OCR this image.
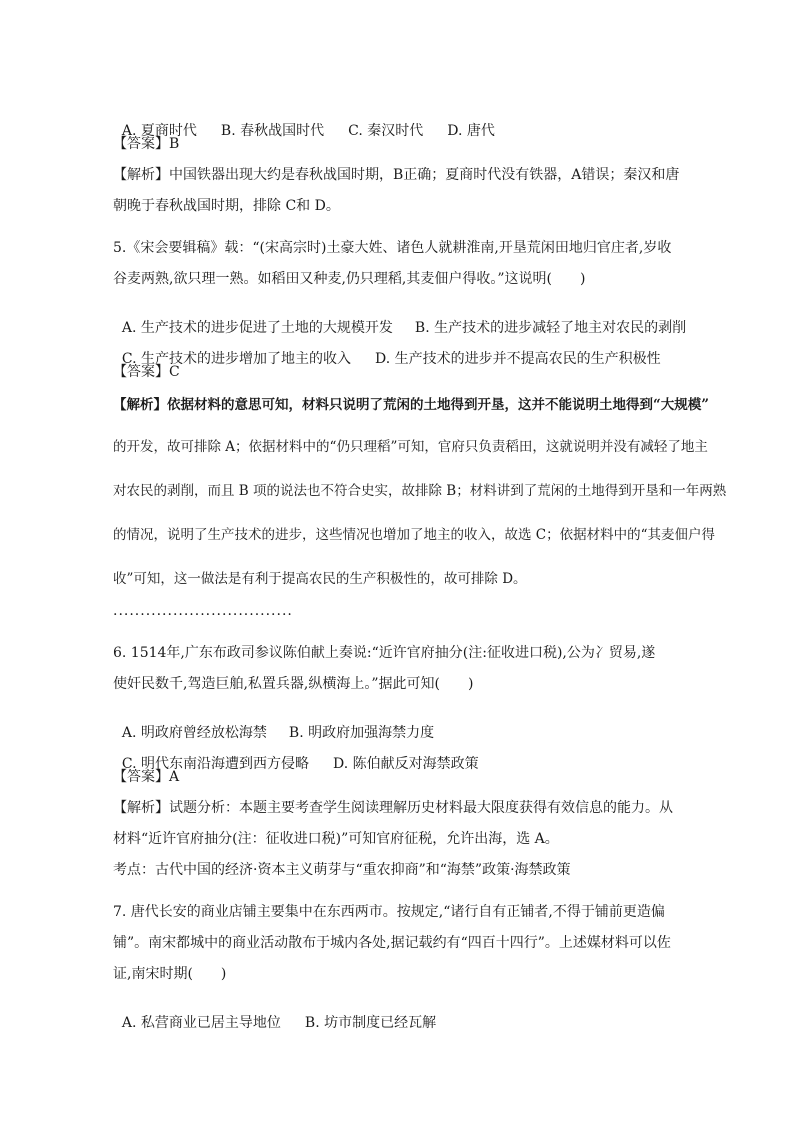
A. 夏商时代 B. 春秋战国时代 C. 秦汉时代 D. 唐代

【答案】B
【解析】中国铁器出现大约是春秋战国时期，B正确；夏商时代没有铁器，A错误；秦汉和唐
朝晚于春秋战国时期，排除 C和 D。
5.《宋会要辑稿》载：“(宋高宗时)土豪大姓、诸色人就耕淮南,开垦荒闲田地归官庄者,岁收
谷麦两熟,欲只理一熟。如稻田又种麦,仍只理稻,其麦佃户得收。”这说明(　　)

A. 生产技术的进步促进了土地的大规模开发 B. 生产技术的进步减轻了地主对农民的剥削

C. 生产技术的进步增加了地主的收入 D. 生产技术的进步并不提高农民的生产积极性

【答案】C
【解析】依据材料的意思可知，材料只说明了荒闲的土地得到开垦，这并不能说明土地得到“大规模”
的开发，故可排除 A；依据材料中的“仍只理稻”可知，官府只负责稻田，这就说明并没有减轻了地主
对农民的剥削，而且 B 项的说法也不符合史实，故排除 B；材料讲到了荒闲的土地得到开垦和一年两熟
的情况，说明了生产技术的进步，这些情况也增加了地主的收入，故选 C；依据材料中的“其麦佃户得
收”可知，这一做法是有利于提高农民的生产积极性的，故可排除 D。
.................................
6. 1514年,广东布政司参议陈伯献上奏说:“近许官府抽分(注:征收进口税),公为冫贸易,遂
使奸民数千,驾造巨舶,私置兵器,纵横海上。”据此可知(　　)

A. 明政府曾经放松海禁 B. 明政府加强海禁力度

C. 明代东南沿海遭到西方侵略 D. 陈伯献反对海禁政策

【答案】A
【解析】试题分析：本题主要考查学生阅读理解历史材料最大限度获得有效信息的能力。从
材料“近许官府抽分(注：征收进口税)”可知官府征税，允许出海，选 A。
考点：古代中国的经济·资本主义萌芽与“重农抑商”和“海禁”政策·海禁政策
7. 唐代长安的商业店铺主要集中在东西两市。按规定,“诸行自有正铺者,不得于铺前更造偏
铺”。南宋都城中的商业活动散布于城内各处,据记载约有“四百十四行”。上述媒材料可以佐
证,南宋时期(　　)

A. 私营商业已居主导地位 B. 坊市制度已经瓦解
